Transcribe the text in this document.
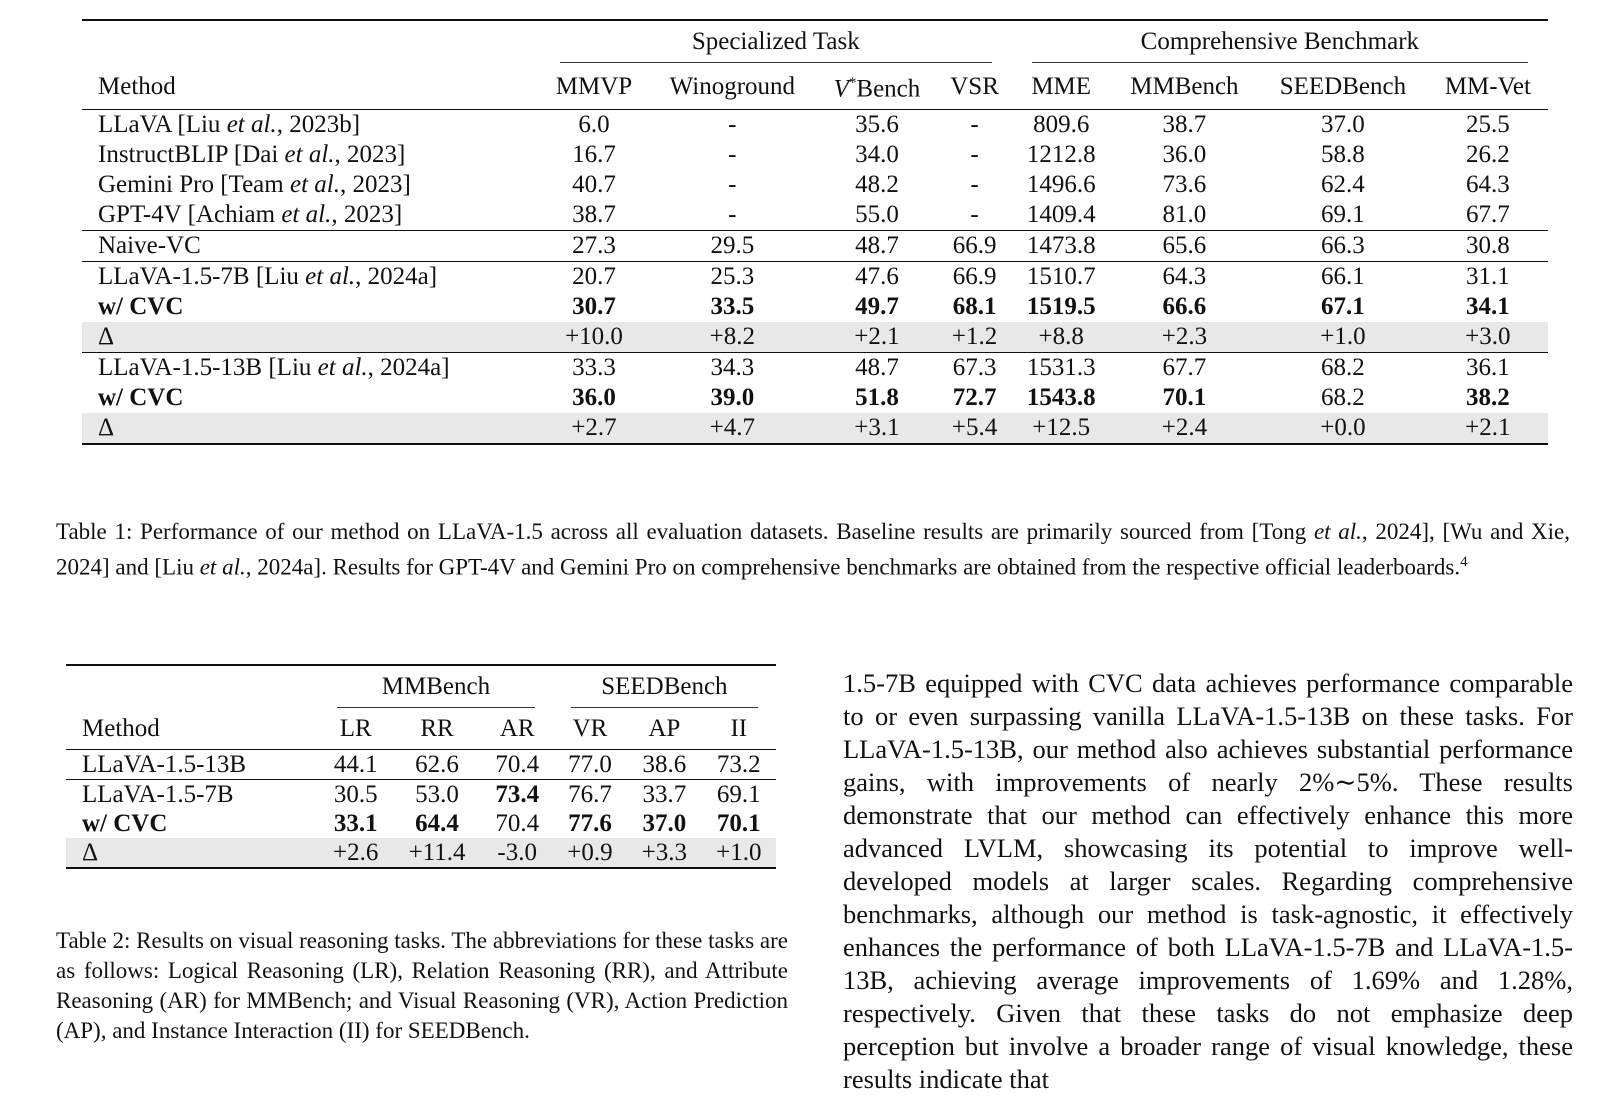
	Specialized Task				Comprehensive Benchmark			

Method	MMVP	Winoground	V*Bench	VSR	MME	MMBench	SEEDBench	MM-Vet
LLaVA [Liu et al., 2023b]	6.0	-	35.6	-	809.6	38.7	37.0	25.5
InstructBLIP [Dai et al., 2023]	16.7	-	34.0	-	1212.8	36.0	58.8	26.2
Gemini Pro [Team et al., 2023]	40.7	-	48.2	-	1496.6	73.6	62.4	64.3
GPT-4V [Achiam et al., 2023]	38.7	-	55.0	-	1409.4	81.0	69.1	67.7
Naive-VC	27.3	29.5	48.7	66.9	1473.8	65.6	66.3	30.8
LLaVA-1.5-7B [Liu et al., 2024a]	20.7	25.3	47.6	66.9	1510.7	64.3	66.1	31.1
w/ CVC	30.7	33.5	49.7	68.1	1519.5	66.6	67.1	34.1
Δ	+10.0	+8.2	+2.1	+1.2	+8.8	+2.3	+1.0	+3.0
LLaVA-1.5-13B [Liu et al., 2024a]	33.3	34.3	48.7	67.3	1531.3	67.7	68.2	36.1
w/ CVC	36.0	39.0	51.8	72.7	1543.8	70.1	68.2	38.2
Δ	+2.7	+4.7	+3.1	+5.4	+12.5	+2.4	+0.0	+2.1
Table 1: Performance of our method on LLaVA-1.5 across all evaluation datasets. Baseline results are primarily sourced from [Tong et al., 2024], [Wu and Xie, 2024] and [Liu et al., 2024a]. Results for GPT-4V and Gemini Pro on comprehensive benchmarks are obtained from the respective official leaderboards.$^4$

	MMBench			SEEDBench		

Method	LR	RR	AR	VR	AP	II
LLaVA-1.5-13B	44.1	62.6	70.4	77.0	38.6	73.2
LLaVA-1.5-7B	30.5	53.0	73.4	76.7	33.7	69.1
w/ CVC	33.1	64.4	70.4	77.6	37.0	70.1
Δ	+2.6	+11.4	-3.0	+0.9	+3.3	+1.0
Table 2: Results on visual reasoning tasks. The abbreviations for these tasks are as follows: Logical Reasoning (LR), Relation Reasoning (RR), and Attribute Reasoning (AR) for MMBench; and Visual Reasoning (VR), Action Prediction (AP), and Instance Interaction (II) for SEEDBench.

1.5-7B equipped with CVC data achieves performance comparable to or even surpassing vanilla LLaVA-1.5-13B on these tasks. For LLaVA-1.5-13B, our method also achieves substantial performance gains, with improvements of nearly 2%∼5%. These results demonstrate that our method can effectively enhance this more advanced LVLM, showcasing its potential to improve well-developed models at larger scales. Regarding comprehensive benchmarks, although our method is task-agnostic, it effectively enhances the performance of both LLaVA-1.5-7B and LLaVA-1.5-13B, achieving average improvements of 1.69% and 1.28%, respectively. Given that these tasks do not emphasize deep perception but involve a broader range of visual knowledge, these results indicate that
